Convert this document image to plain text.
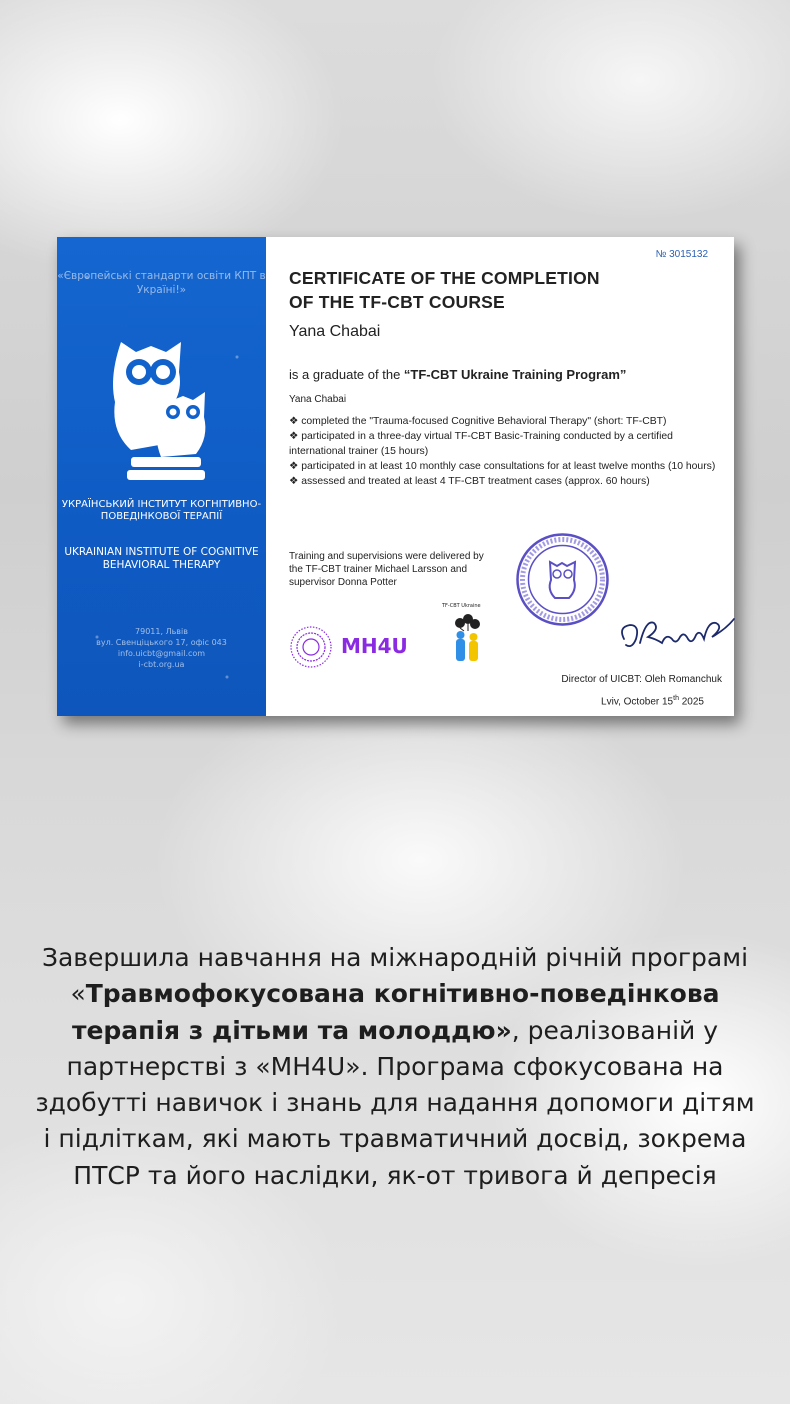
«Європейські стандарти освіти КПТ в Україні!»
УКРАЇНСЬКИЙ ІНСТИТУТ КОГНІТИВНО-ПОВЕДІНКОВОЇ ТЕРАПІЇ
UKRAINIAN INSTITUTE OF COGNITIVE BEHAVIORAL THERAPY
79011, Львів
вул. Свенціцького 17, офіс 043
info.uicbt@gmail.com
i-cbt.org.ua
№ 3015132
CERTIFICATE OF THE COMPLETION
OF THE TF-CBT COURSE
Yana Chabai
is a graduate of the “TF-CBT Ukraine Training Program”
Yana Chabai
❖ completed the "Trauma-focused Cognitive Behavioral Therapy" (short: TF-CBT)
❖ participated in a three-day virtual TF-CBT Basic-Training conducted by a certified international trainer (15 hours)
❖ participated in at least 10 monthly case consultations for at least twelve months (10 hours)
❖ assessed and treated at least 4 TF-CBT treatment cases (approx. 60 hours)
Training and supervisions were delivered by the TF-CBT trainer Michael Larsson and supervisor Donna Potter
MH4U
TF-CBT Ukraine
Director of UICBT: Oleh Romanchuk
Lviv, October 15th 2025
Завершила навчання на міжнародній річній програмі «Травмофокусована когнітивно-поведінкова терапія з дітьми та молоддю», реалізованій у партнерстві з «MH4U». Програма сфокусована на здобутті навичок і знань для надання допомоги дітям і підліткам, які мають травматичний досвід, зокрема ПТСР та його наслідки, як-от тривога й депресія
